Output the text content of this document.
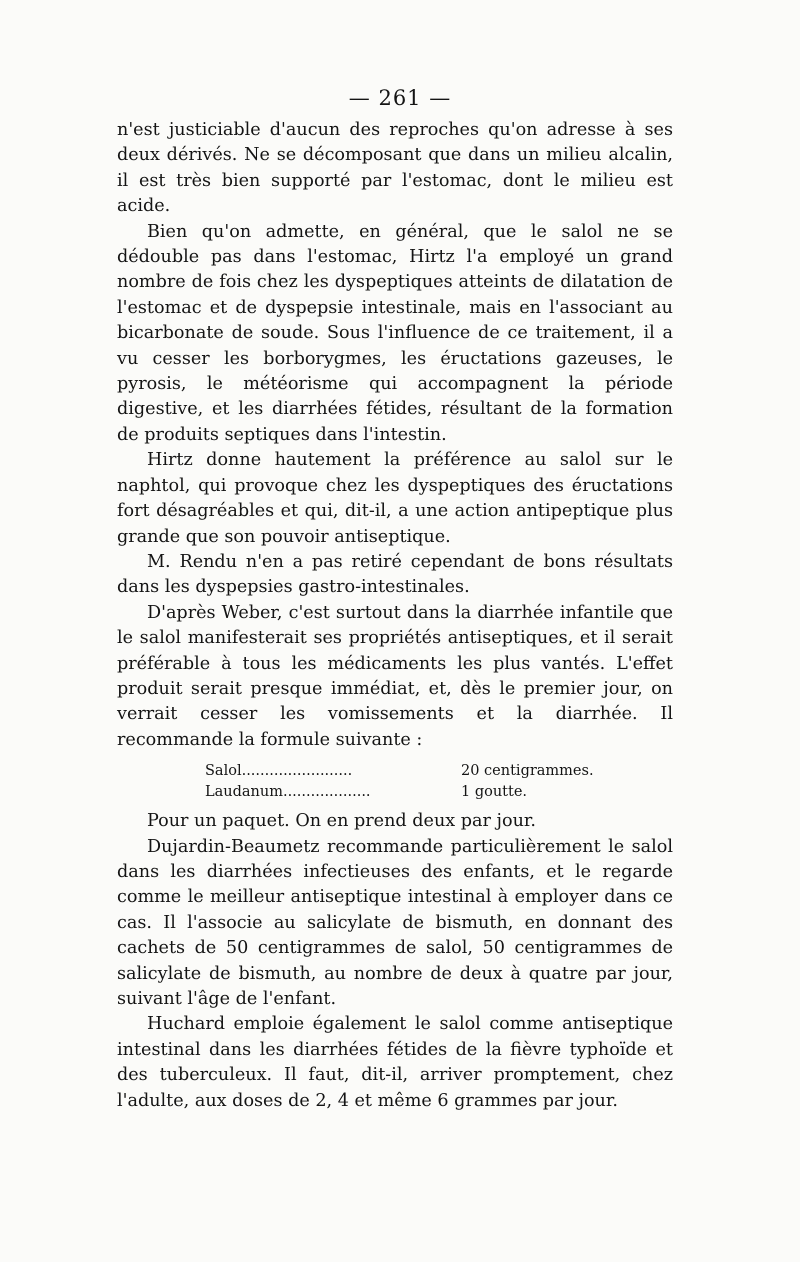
— 261 —

n'est justiciable d'aucun des reproches qu'on adresse à ses deux dérivés. Ne se décomposant que dans un milieu alcalin, il est très bien supporté par l'estomac, dont le milieu est acide.

Bien qu'on admette, en général, que le salol ne se dédouble pas dans l'estomac, Hirtz l'a employé un grand nombre de fois chez les dyspeptiques atteints de dilatation de l'estomac et de dyspepsie intestinale, mais en l'associant au bicarbonate de soude. Sous l'influence de ce traitement, il a vu cesser les borborygmes, les éructations gazeuses, le pyrosis, le météorisme qui accompagnent la période digestive, et les diarrhées fétides, résultant de la formation de produits septiques dans l'intestin.

Hirtz donne hautement la préférence au salol sur le naphtol, qui provoque chez les dyspeptiques des éructations fort désagréables et qui, dit-il, a une action antipeptique plus grande que son pouvoir antiseptique.

M. Rendu n'en a pas retiré cependant de bons résultats dans les dyspepsies gastro-intestinales.

D'après Weber, c'est surtout dans la diarrhée infantile que le salol manifesterait ses propriétés antiseptiques, et il serait préférable à tous les médicaments les plus vantés. L'effet produit serait presque immédiat, et, dès le premier jour, on verrait cesser les vomissements et la diarrhée. Il recommande la formule suivante :

Salol........................	20 centigrammes.
Laudanum...................	1 goutte.

Pour un paquet. On en prend deux par jour.

Dujardin-Beaumetz recommande particulièrement le salol dans les diarrhées infectieuses des enfants, et le regarde comme le meilleur antiseptique intestinal à employer dans ce cas. Il l'associe au salicylate de bismuth, en donnant des cachets de 50 centigrammes de salol, 50 centigrammes de salicylate de bismuth, au nombre de deux à quatre par jour, suivant l'âge de l'enfant.

Huchard emploie également le salol comme antiseptique intestinal dans les diarrhées fétides de la fièvre typhoïde et des tuberculeux. Il faut, dit-il, arriver promptement, chez l'adulte, aux doses de 2, 4 et même 6 grammes par jour.
